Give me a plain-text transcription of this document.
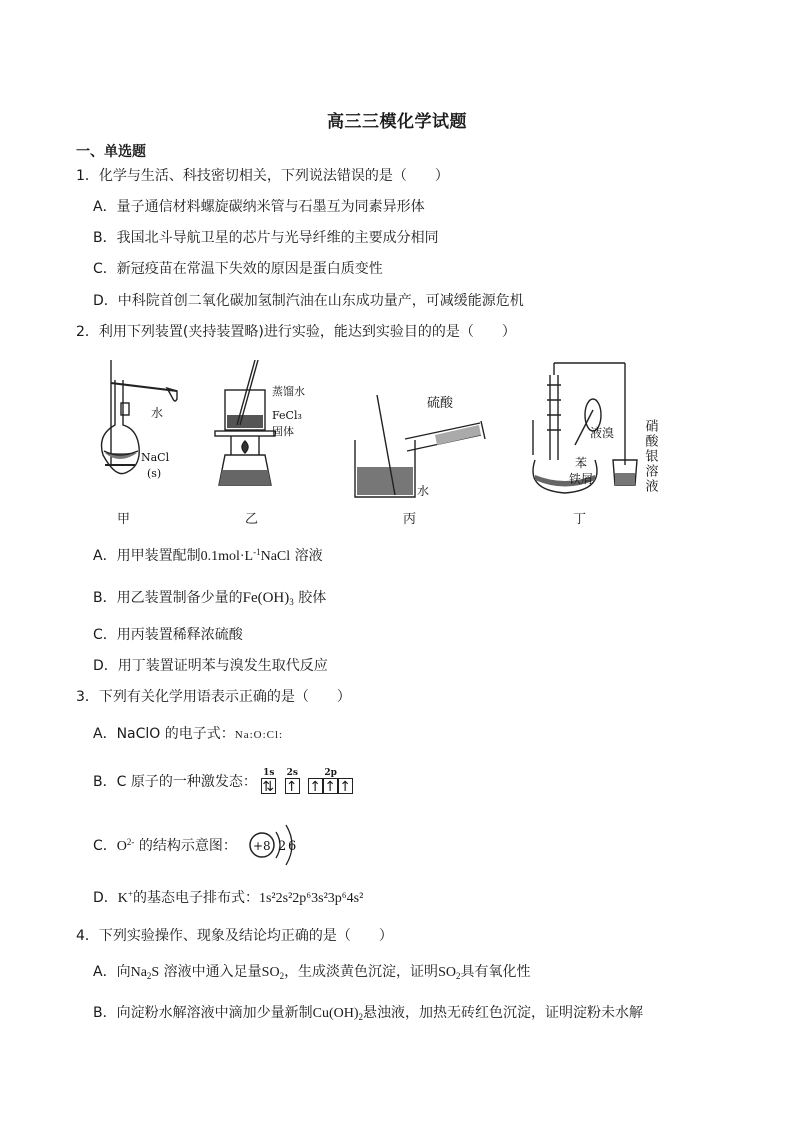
高三三模化学试题
一、单选题
1．化学与生活、科技密切相关，下列说法错误的是（　　）
A．量子通信材料螺旋碳纳米管与石墨互为同素异形体
B．我国北斗导航卫星的芯片与光导纤维的主要成分相同
C．新冠疫苗在常温下失效的原因是蛋白质变性
D．中科院首创二氧化碳加氢制汽油在山东成功量产，可减缓能源危机
2．利用下列装置(夹持装置略)进行实验，能达到实验目的的是（　　）
水
NaCl
(s)
蒸馏水
FeCl₃
固体
硫酸
水
液溴
苯
铁屑	硝酸银溶液
甲	乙	丙	丁
A．用甲装置配制$0.1mol\cdot L^{-1}NaCl$ 溶液
B．用乙装置制备少量的$Fe(OH)_3$ 胶体
C．用丙装置稀释浓硫酸
D．用丁装置证明苯与溴发生取代反应
3．下列有关化学用语表示正确的是（　　）
A．NaClO 的电子式：Na:O:Cl:
B．C 原子的一种激发态：
1s
⇅

2s
↑

2p
↑ ↑ ↑
C．$O^{2-}$ 的结构示意图： +8 2 6
D．K+的基态电子排布式：1s²2s²2p⁶3s²3p⁶4s²
4．下列实验操作、现象及结论均正确的是（　　）
A．向$Na_2S$ 溶液中通入足量$SO_2$，生成淡黄色沉淀，证明$SO_2$具有氧化性
B．向淀粉水解溶液中滴加少量新制$Cu(OH)_2$悬浊液，加热无砖红色沉淀，证明淀粉未水解
